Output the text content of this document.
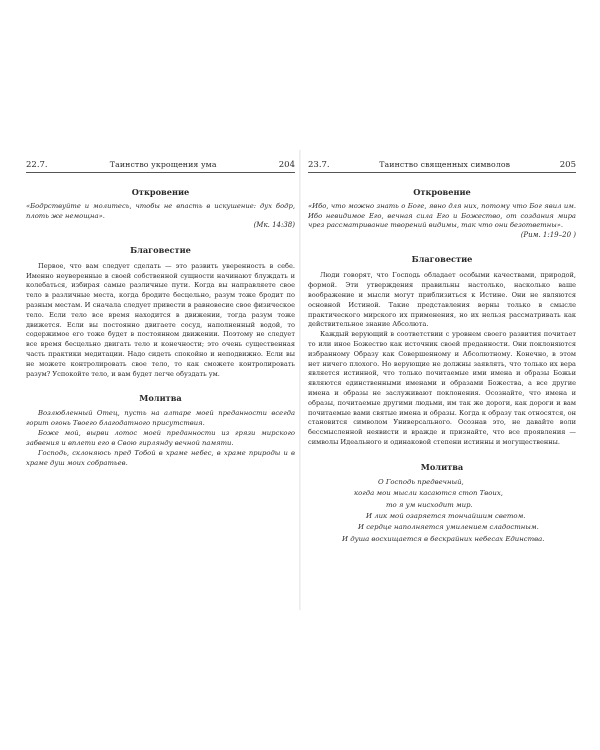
22.7.	Таинство укрощения ума	204
Откровение

«Бодрствуйте и молитесь, чтобы не впасть в искушение: дух бодр, плоть же немощна».

(Мк. 14:38)

Благовестие

Первое, что вам следует сделать — это развить уверенность в себе. Именно неуверенные в своей собственной сущности начинают блуждать и колебаться, избирая самые различные пути. Когда вы направляете свое тело в различные места, когда бродите бесцельно, разум тоже бродит по разным местам. И сначала следует привести в равновесие свое физическое тело. Если тело все время находится в движении, тогда разум тоже движется. Если вы постоянно двигаете сосуд, наполненный водой, то содержимое его тоже будет в постоянном движении. Поэтому не следует все время бесцельно двигать тело и конечности; это очень существенная часть практики медитации. Надо сидеть спокойно и неподвижно. Если вы не можете контролировать свое тело, то как сможете контролировать разум? Успокойте тело, и вам будет легче обуздать ум.

Молитва

Возлюбленный Отец, пусть на алтаре моей преданности всегда горит огонь Твоего благодатного присутствия.

Боже мой, вырви лотос моей преданности из грязи мирского забвения и вплети его в Свою гирлянду вечной памяти.

Господь, склоняюсь пред Тобой в храме небес, в храме природы и в храме душ моих собратьев.

23.7.	Таинство священных символов	205
Откровение

«Ибо, что можно знать о Боге, явно для них, потому что Бог явил им. Ибо невидимое Его, вечная сила Его и Божество, от создания мира чрез рассматривание творений видимы, так что они безответны».

(Рим. 1:19–20 )

Благовестие

Люди говорят, что Господь обладает особыми качествами, природой, формой. Эти утверждения правильны настолько, насколько ваше воображение и мысли могут приблизиться к Истине. Они не являются основной Истиной. Такие представления верны только в смысле практического мирского их применения, но их нельзя рассматривать как действительное знание Абсолюта.

Каждый верующий в соответствии с уровнем своего развития почитает то или иное Божество как источник своей преданности. Они поклоняются избранному Образу как Совершенному и Абсолютному. Конечно, в этом нет ничего плохого. Но верующие не должны заявлять, что только их вера является истинной, что только почитаемые ими имена и образы Божьи являются единственными именами и образами Божества, а все другие имена и образы не заслуживают поклонения. Осознайте, что имена и образы, почитаемые другими людьми, им так же дороги, как дороги и вам почитаемые вами святые имена и образы. Когда к образу так относятся, он становится символом Универсального. Осознав это, не давайте воли бессмысленной неявисти и вражде и признайте, что все проявления — символы Идеального и одинаковой степени истинны и могущественны.

Молитва

О Господь предвечный,

когда мои мысли касаются стоп Твоих,

то я ум нисходит мир.

И лик мой озаряется тончайшим светом.

И сердце наполняется умилением сладостным.

И душа восхищается в бескрайних небесах Единства.
